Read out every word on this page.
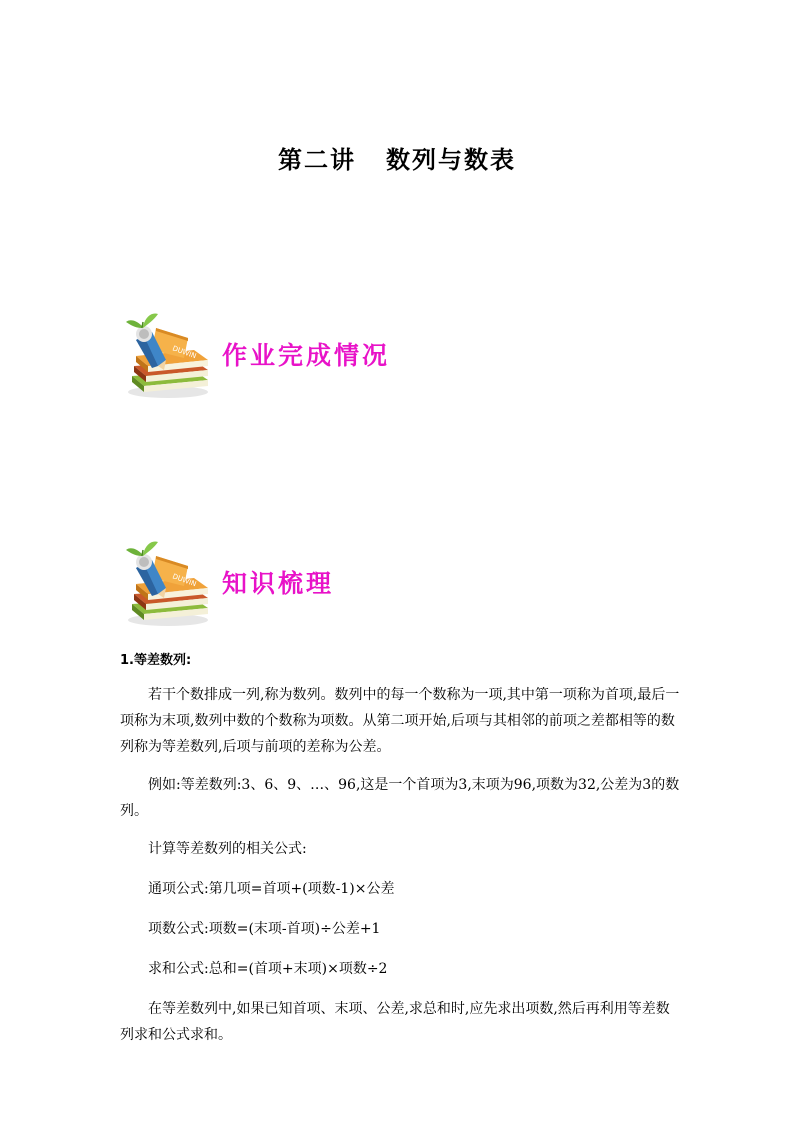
第二讲 数列与数表
DUWIN 作业完成情况
DUWIN 知识梳理
1.等差数列:

若干个数排成一列,称为数列。数列中的每一个数称为一项,其中第一项称为首项,最后一项称为末项,数列中数的个数称为项数。从第二项开始,后项与其相邻的前项之差都相等的数列称为等差数列,后项与前项的差称为公差。

例如:等差数列:3、6、9、…、96,这是一个首项为3,末项为96,项数为32,公差为3的数列。

计算等差数列的相关公式:

通项公式:第几项=首项+(项数-1)×公差

项数公式:项数=(末项-首项)÷公差+1

求和公式:总和=(首项+末项)×项数÷2

在等差数列中,如果已知首项、末项、公差,求总和时,应先求出项数,然后再利用等差数列求和公式求和。
